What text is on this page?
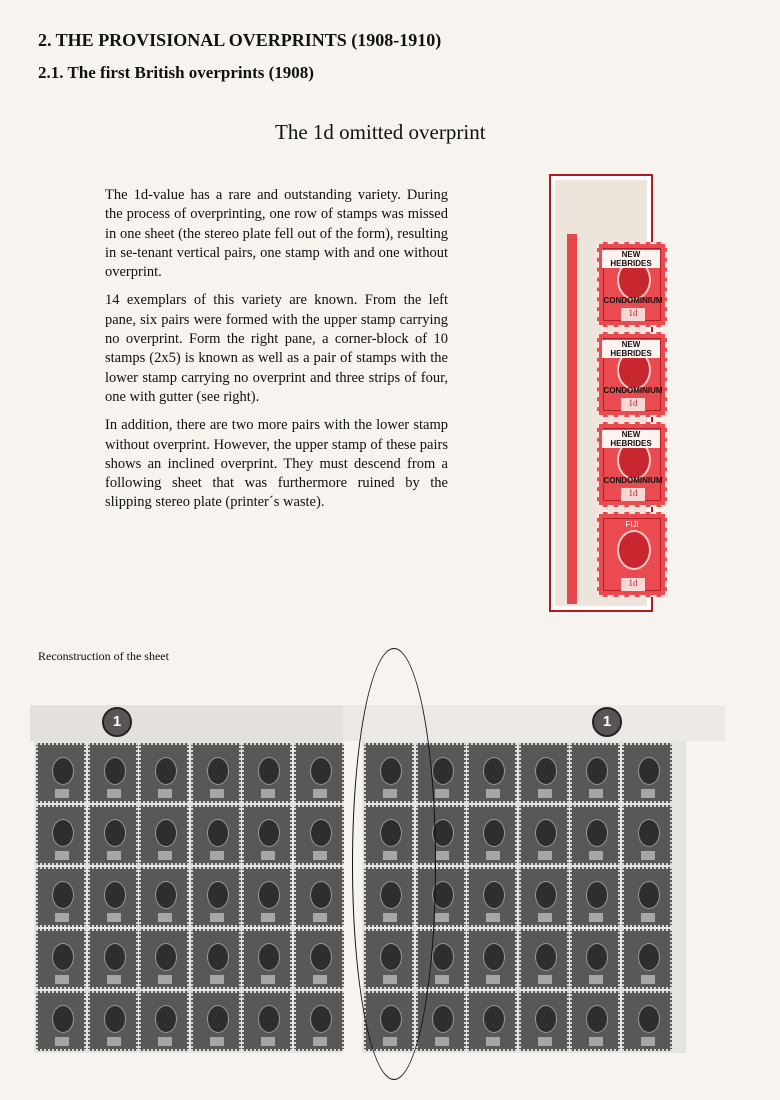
2. THE PROVISIONAL OVERPRINTS (1908-1910)
2.1. The first British overprints (1908)
The 1d omitted overprint

The 1d-value has a rare and outstanding variety. During the process of overprinting, one row of stamps was missed in one sheet (the stereo plate fell out of the form), resulting in se-tenant vertical pairs, one stamp with and one without overprint.

14 exemplars of this variety are known. From the left pane, six pairs were formed with the upper stamp carrying no overprint. Form the right pane, a corner-block of 10 stamps (2x5) is known as well as a pair of stamps with the lower stamp carrying no overprint and three strips of four, one with gutter (see right).

In addition, there are two more pairs with the lower stamp without overprint. However, the upper stamp of these pairs shows an inclined overprint. They must descend from a following sheet that was furthermore ruined by the slipping stereo plate (printer´s waste).

NEW HEBRIDES
CONDOMINIUM
1d
NEW HEBRIDES
CONDOMINIUM
1d
NEW HEBRIDES
CONDOMINIUM
1d
FIJI
1d
Reconstruction of the sheet
1	1
